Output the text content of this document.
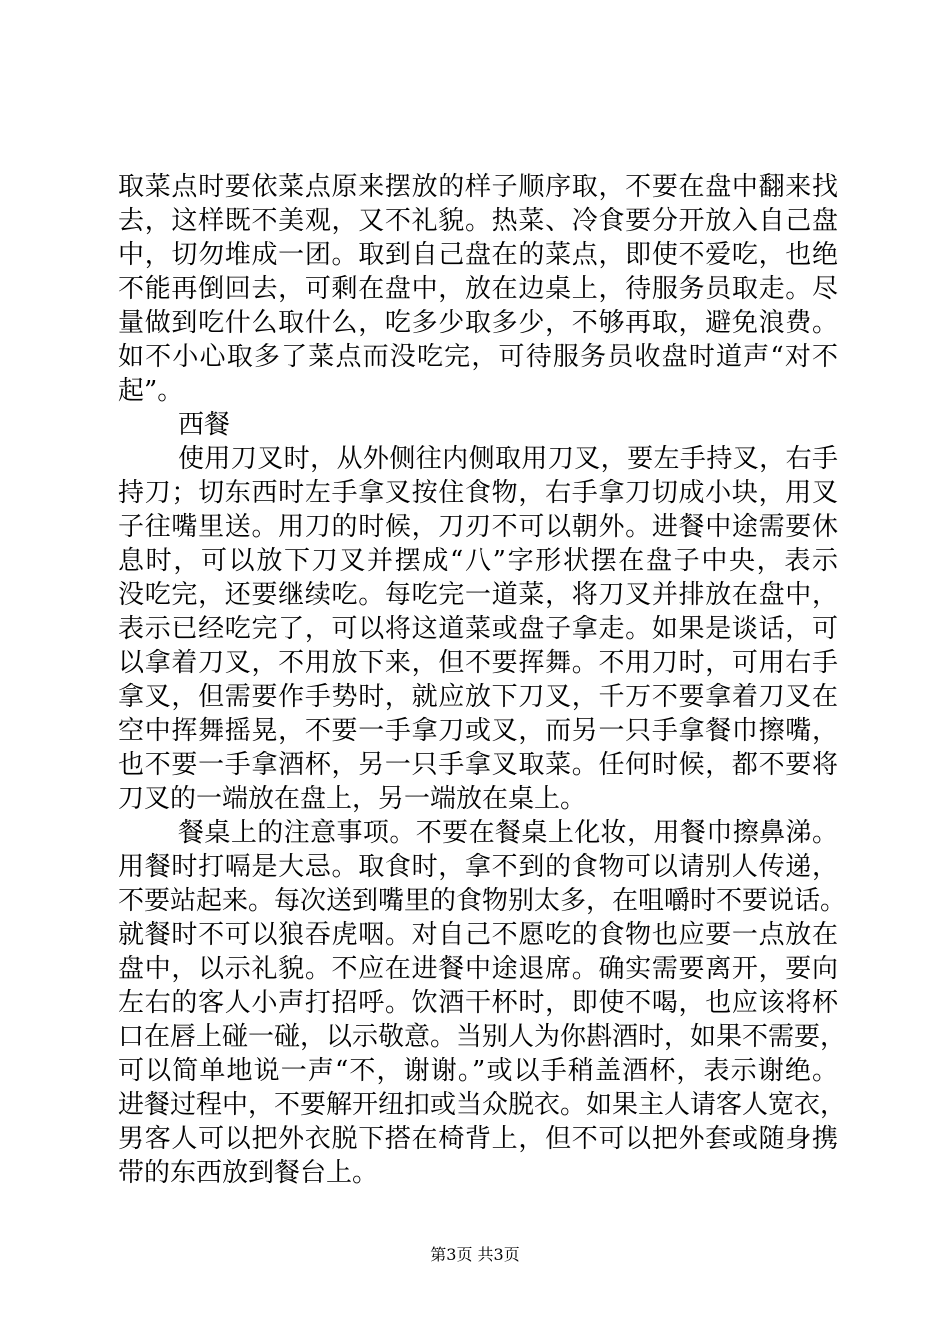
取菜点时要依菜点原来摆放的样子顺序取，不要在盘中翻来找
去，这样既不美观，又不礼貌。热菜、冷食要分开放入自己盘
中，切勿堆成一团。取到自己盘在的菜点，即使不爱吃，也绝
不能再倒回去，可剩在盘中，放在边桌上，待服务员取走。尽
量做到吃什么取什么，吃多少取多少，不够再取，避免浪费。
如不小心取多了菜点而没吃完，可待服务员收盘时道声“对不
起”。
西餐
使用刀叉时，从外侧往内侧取用刀叉，要左手持叉，右手
持刀；切东西时左手拿叉按住食物，右手拿刀切成小块，用叉
子往嘴里送。用刀的时候，刀刃不可以朝外。进餐中途需要休
息时，可以放下刀叉并摆成“八”字形状摆在盘子中央，表示
没吃完，还要继续吃。每吃完一道菜，将刀叉并排放在盘中，
表示已经吃完了，可以将这道菜或盘子拿走。如果是谈话，可
以拿着刀叉，不用放下来，但不要挥舞。不用刀时，可用右手
拿叉，但需要作手势时，就应放下刀叉，千万不要拿着刀叉在
空中挥舞摇晃，不要一手拿刀或叉，而另一只手拿餐巾擦嘴，
也不要一手拿酒杯，另一只手拿叉取菜。任何时候，都不要将
刀叉的一端放在盘上，另一端放在桌上。
餐桌上的注意事项。不要在餐桌上化妆，用餐巾擦鼻涕。
用餐时打嗝是大忌。取食时，拿不到的食物可以请别人传递，
不要站起来。每次送到嘴里的食物别太多，在咀嚼时不要说话。
就餐时不可以狼吞虎咽。对自己不愿吃的食物也应要一点放在
盘中，以示礼貌。不应在进餐中途退席。确实需要离开，要向
左右的客人小声打招呼。饮酒干杯时，即使不喝，也应该将杯
口在唇上碰一碰，以示敬意。当别人为你斟酒时，如果不需要，
可以简单地说一声“不，谢谢。”或以手稍盖酒杯，表示谢绝。
进餐过程中，不要解开纽扣或当众脱衣。如果主人请客人宽衣，
男客人可以把外衣脱下搭在椅背上，但不可以把外套或随身携
带的东西放到餐台上。
第3页 共3页
